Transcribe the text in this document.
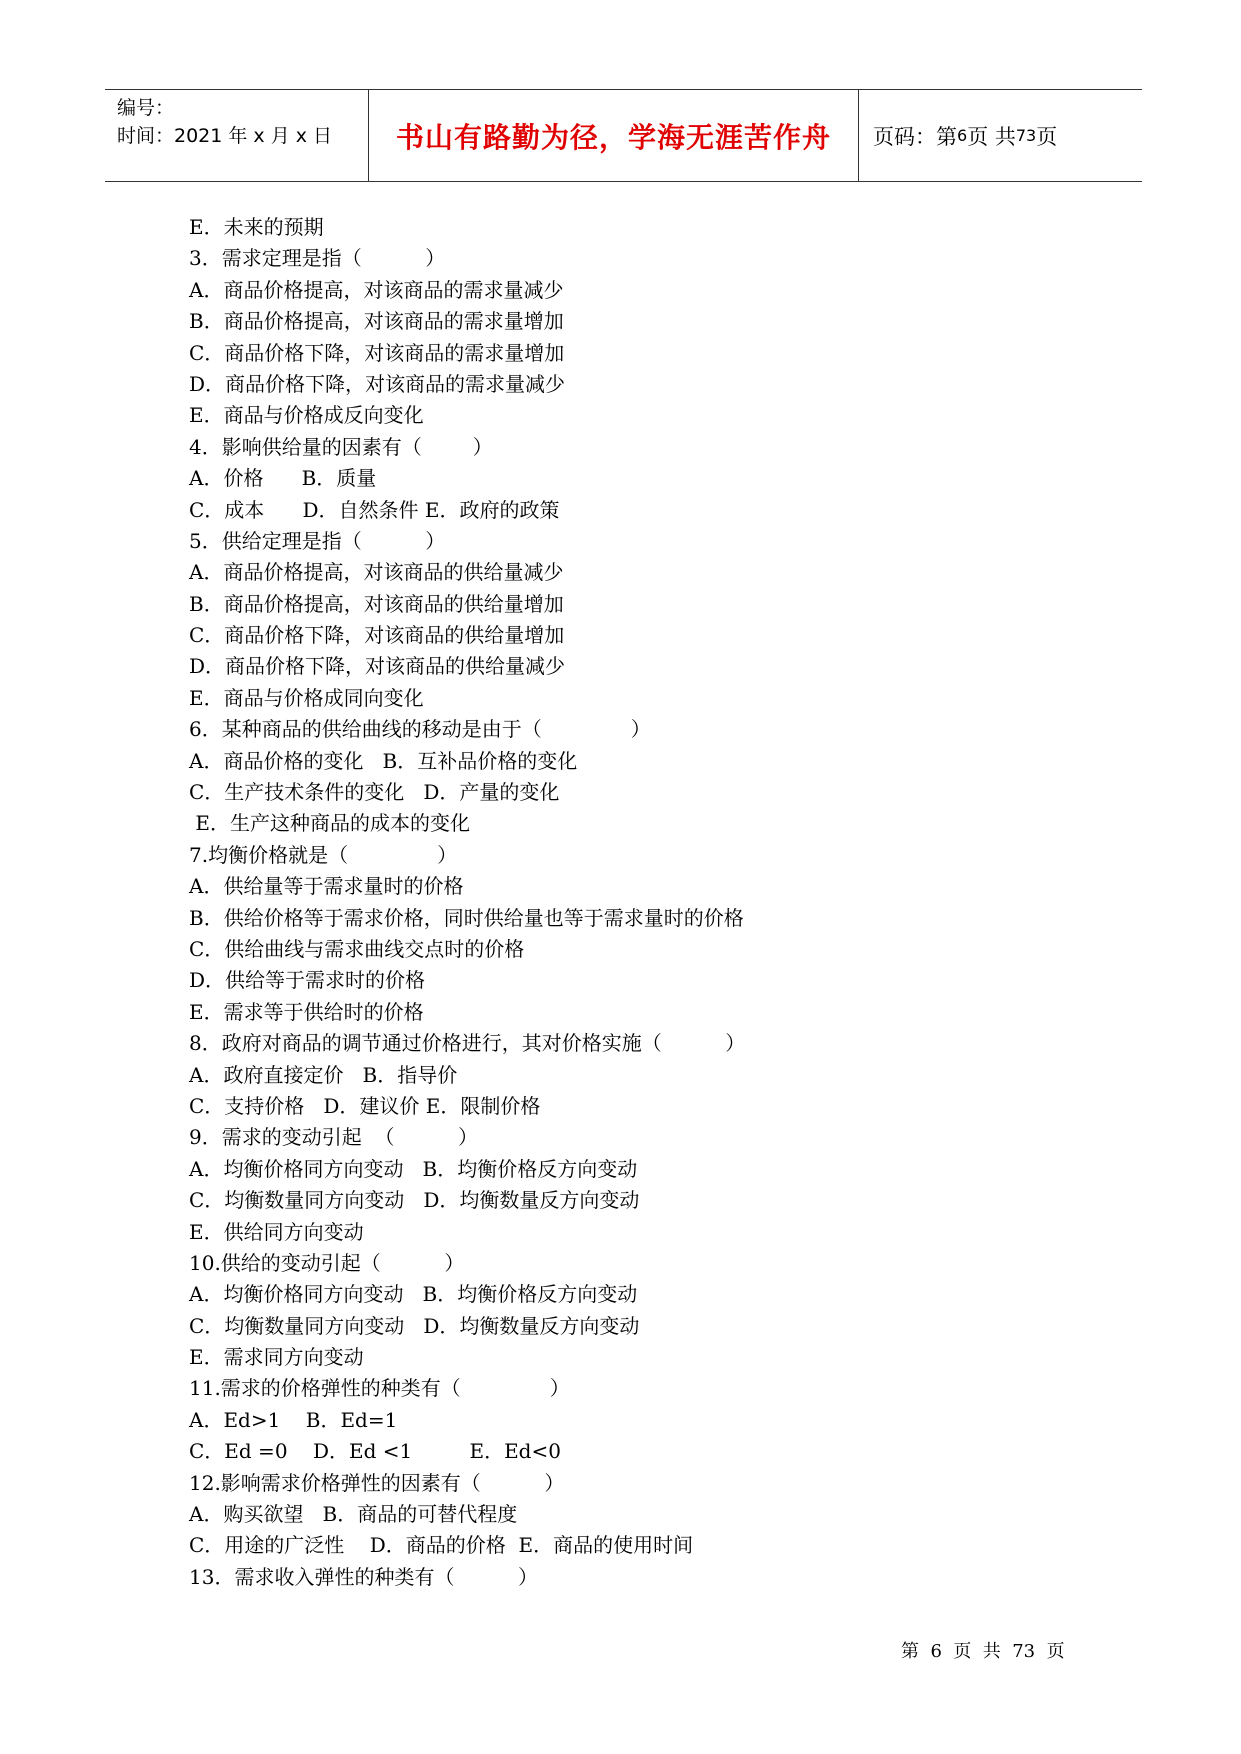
编号：
时间：2021 年 x 月 x 日 书山有路勤为径，学海无涯苦作舟 页码：第 6 页 共 73 页
E．未来的预期
3．需求定理是指（          ）
A．商品价格提高，对该商品的需求量减少
B．商品价格提高，对该商品的需求量增加
C．商品价格下降，对该商品的需求量增加
D．商品价格下降，对该商品的需求量减少
E．商品与价格成反向变化
4．影响供给量的因素有（        ）
A．价格      B．质量
C．成本      D．自然条件 E．政府的政策
5．供给定理是指（          ）
A．商品价格提高，对该商品的供给量减少
B．商品价格提高，对该商品的供给量增加
C．商品价格下降，对该商品的供给量增加
D．商品价格下降，对该商品的供给量减少
E．商品与价格成同向变化
6．某种商品的供给曲线的移动是由于（              ）
A．商品价格的变化   B．互补品价格的变化
C．生产技术条件的变化   D．产量的变化
E．生产这种商品的成本的变化
7.均衡价格就是（              ）
A．供给量等于需求量时的价格
B．供给价格等于需求价格，同时供给量也等于需求量时的价格
C．供给曲线与需求曲线交点时的价格
D．供给等于需求时的价格
E．需求等于供给时的价格
8．政府对商品的调节通过价格进行，其对价格实施（          ）
A．政府直接定价   B．指导价
C．支持价格   D．建议价 E．限制价格
9．需求的变动引起  （          ）
A．均衡价格同方向变动   B．均衡价格反方向变动
C．均衡数量同方向变动   D．均衡数量反方向变动
E．供给同方向变动
10.供给的变动引起（          ）
A．均衡价格同方向变动   B．均衡价格反方向变动
C．均衡数量同方向变动   D．均衡数量反方向变动
E．需求同方向变动
11.需求的价格弹性的种类有（              ）
A．Ed>1    B．Ed=1
C．Ed =0    D．Ed <1         E．Ed<0
12.影响需求价格弹性的因素有（          ）
A．购买欲望   B．商品的可替代程度
C．用途的广泛性    D．商品的价格  E．商品的使用时间
13．需求收入弹性的种类有（          ）
第  6  页  共  73  页
